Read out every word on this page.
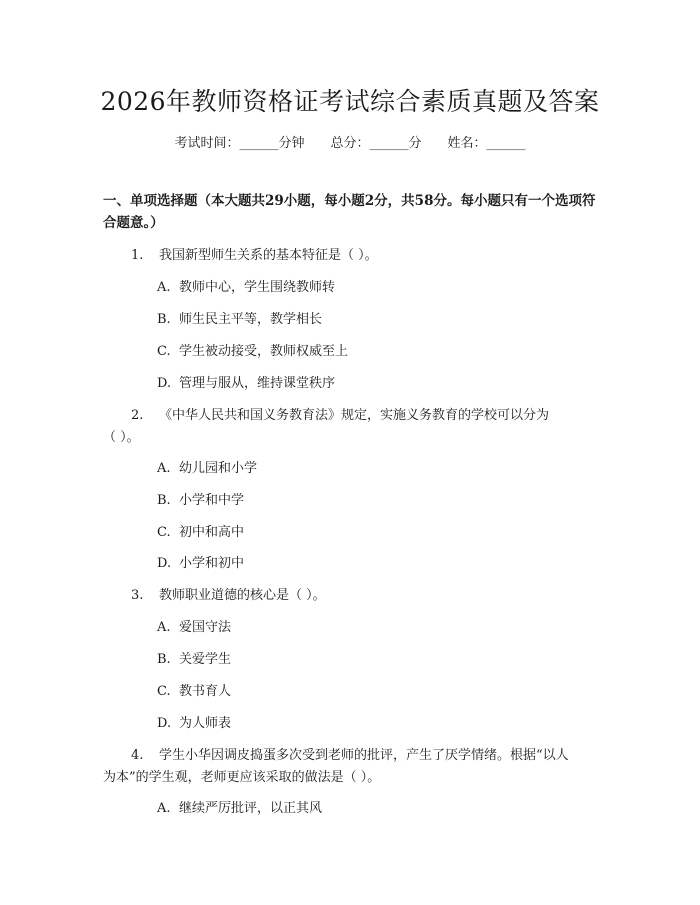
2026年教师资格证考试综合素质真题及答案
考试时间：______分钟 总分：______分 姓名：______
一、单项选择题（本大题共29小题，每小题2分，共58分。每小题只有一个选项符合题意。）
1. 我国新型师生关系的基本特征是（ ）。
A. 教师中心，学生围绕教师转
B. 师生民主平等，教学相长
C. 学生被动接受，教师权威至上
D. 管理与服从，维持课堂秩序
2. 《中华人民共和国义务教育法》规定，实施义务教育的学校可以分为
（ ）。
A. 幼儿园和小学
B. 小学和中学
C. 初中和高中
D. 小学和初中
3. 教师职业道德的核心是（ ）。
A. 爱国守法
B. 关爱学生
C. 教书育人
D. 为人师表
4. 学生小华因调皮捣蛋多次受到老师的批评，产生了厌学情绪。根据“以人
为本”的学生观，老师更应该采取的做法是（ ）。
A. 继续严厉批评，以正其风
